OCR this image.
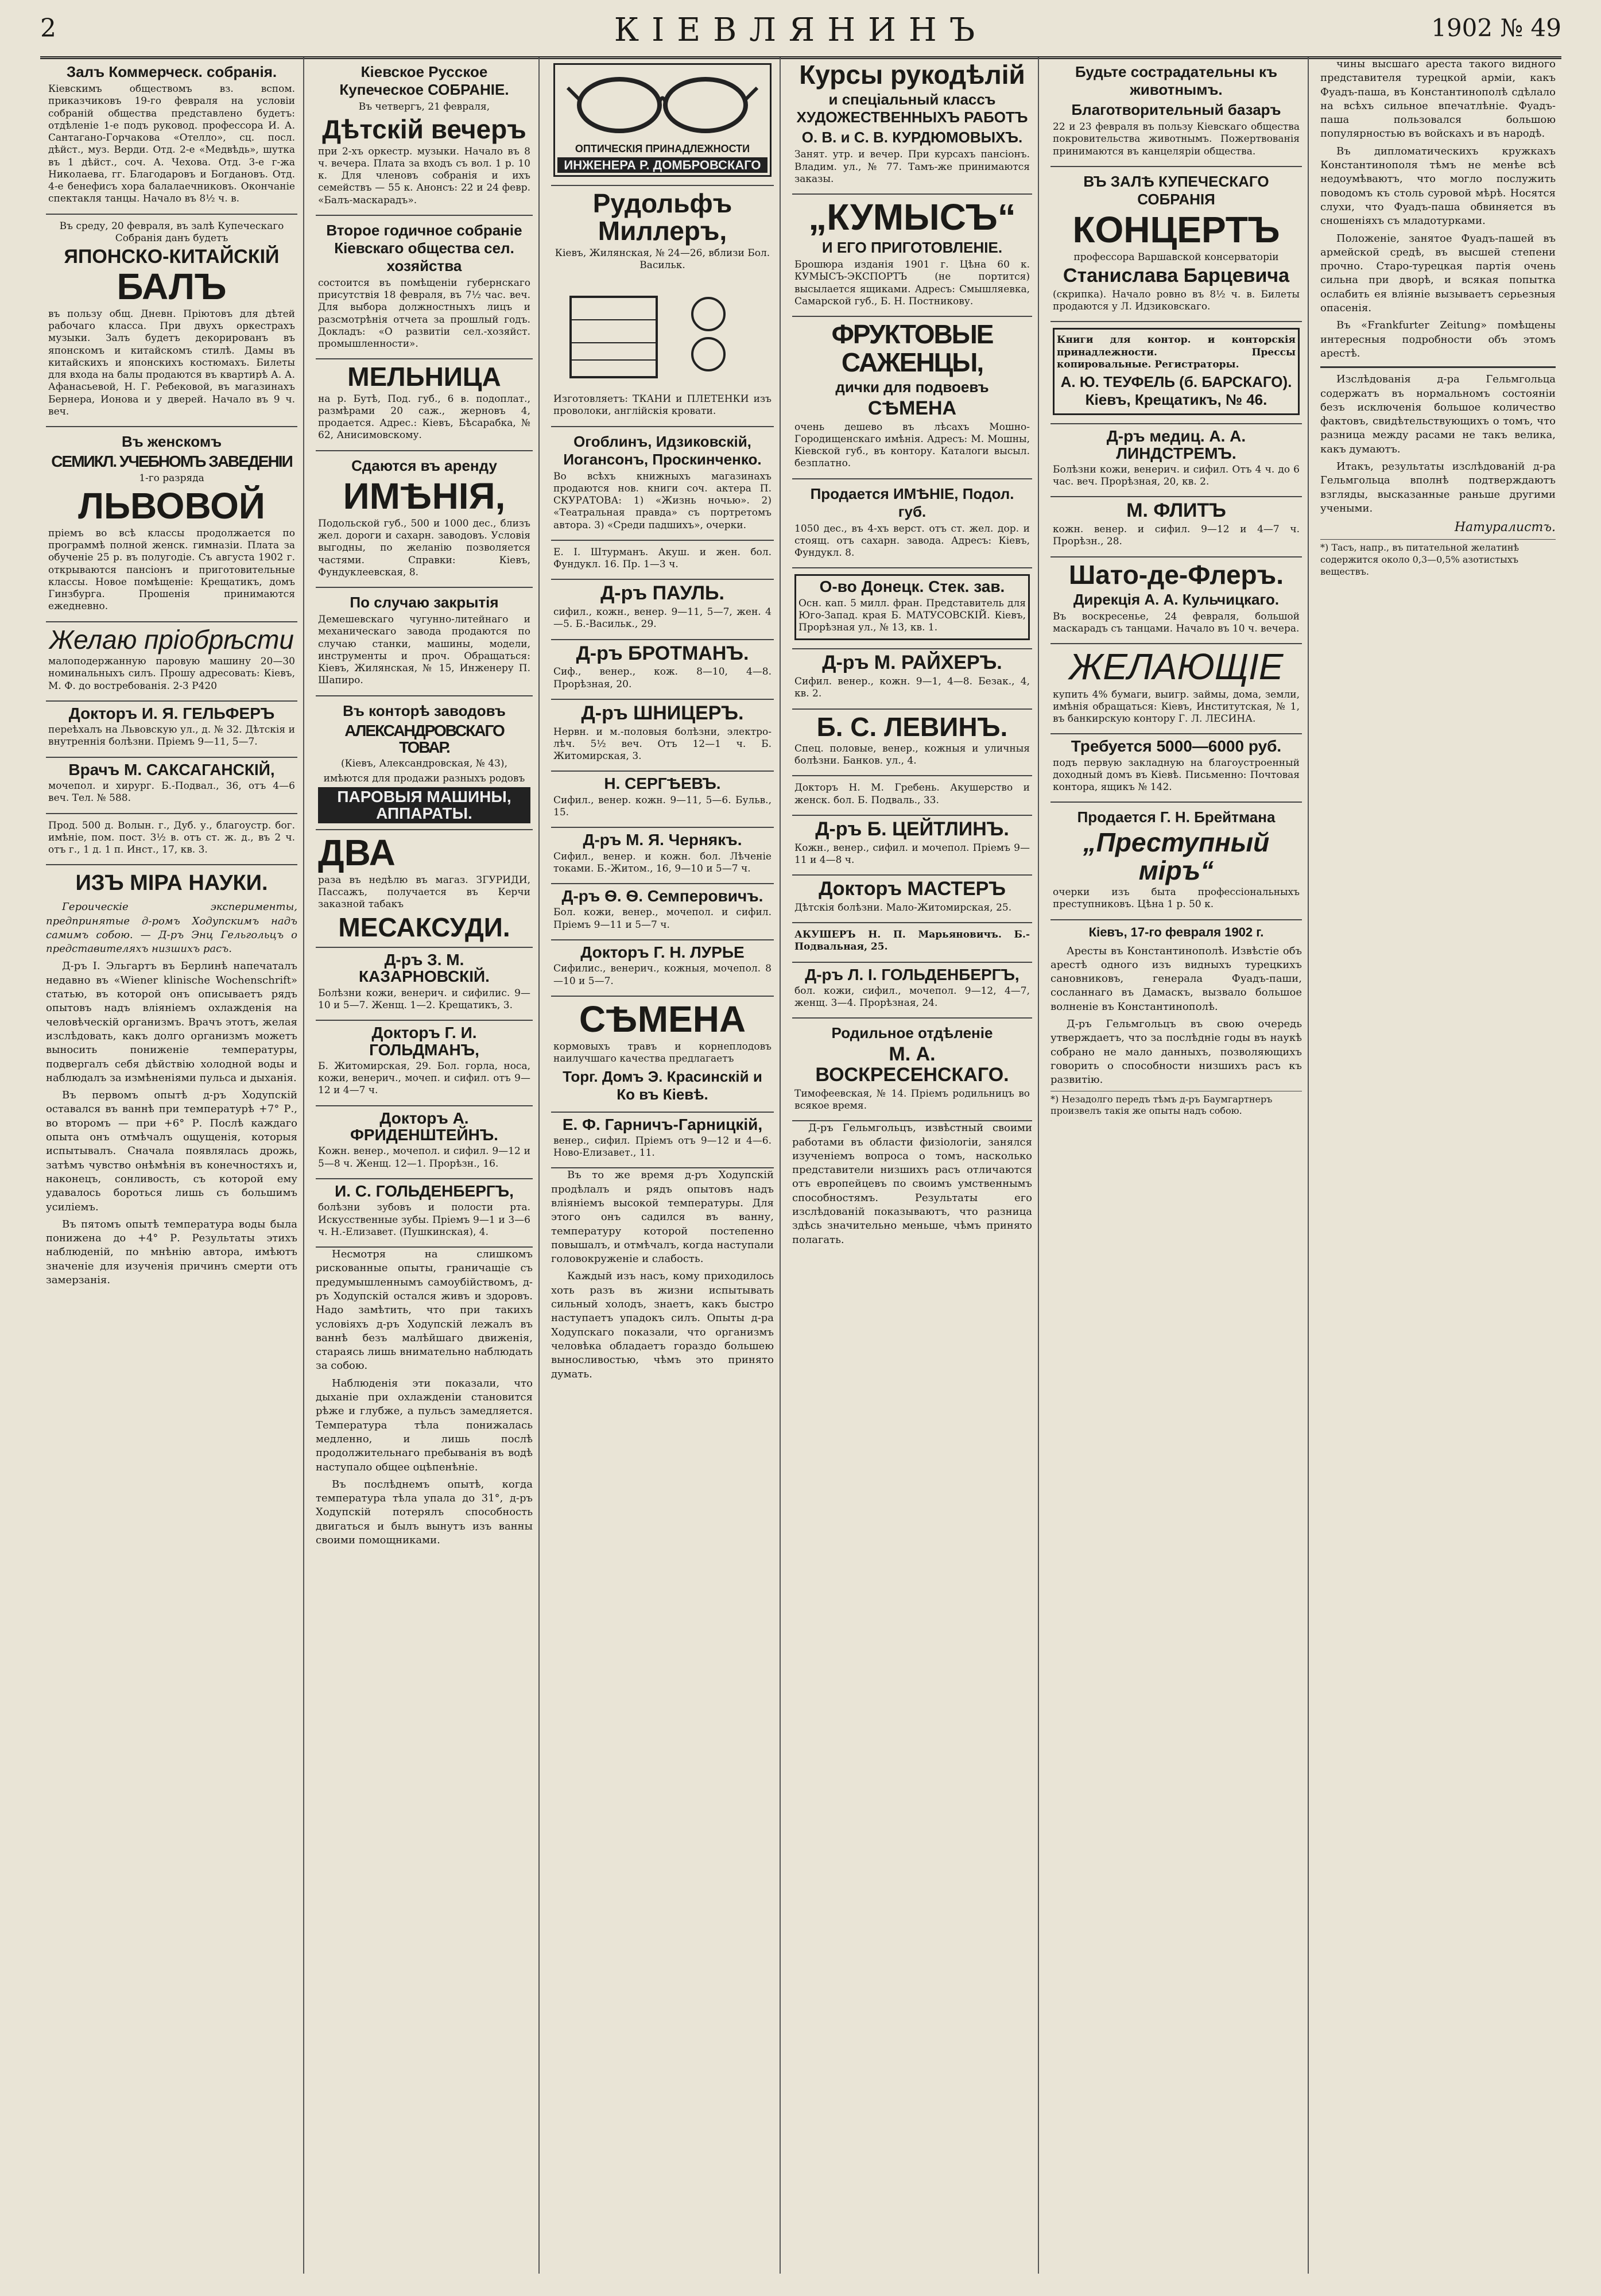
2	КІЕВЛЯНИНЪ	1902 № 49
Залъ Коммерческ. собранія.

Кіевскимъ обществомъ вз. вспом. приказчиковъ 19-го февраля на условіи собраній общества представлено будетъ: отдѣленіе 1-е подъ руковод. профессора И. А. Сантагано-Горчакова «Отелло», сц. посл. дѣйст., муз. Верди. Отд. 2-е «Медвѣдь», шутка въ 1 дѣйст., соч. А. Чехова. Отд. 3-е г-жа Николаева, гг. Благодаровъ и Богдановъ. Отд. 4-е бенефисъ хора балалаечниковъ. Окончаніе спектакля танцы. Начало въ 8½ ч. в.

Въ среду, 20 февраля, въ залѣ Купеческаго Собранія данъ будетъ

ЯПОНСКО-КИТАЙСКІЙ
БАЛЪ

въ пользу общ. Дневн. Пріютовъ для дѣтей рабочаго класса. При двухъ оркестрахъ музыки. Залъ будетъ декорированъ въ японскомъ и китайскомъ стилѣ. Дамы въ китайскихъ и японскихъ костюмахъ. Билеты для входа на балы продаются въ квартирѣ А. А. Афанасьевой, Н. Г. Ребековой, въ магазинахъ Бернера, Ионова и у дверей. Начало въ 9 ч. веч.

Въ женскомъ
СЕМИКЛ. УЧЕБНОМЪ ЗАВЕДЕНІИ

1-го разряда

ЛЬВОВОЙ

пріемъ во всѣ классы продолжается по программѣ полной женск. гимназіи. Плата за обученіе 25 р. въ полугодіе. Съ августа 1902 г. открываются пансіонъ и приготовительные классы. Новое помѣщеніе: Крещатикъ, домъ Гинзбурга. Прошенія принимаются ежедневно.

Желаю пріобрѣсти

малоподержанную паровую машину 20—30 номинальныхъ силъ. Прошу адресовать: Кіевъ, М. Ф. до востребованія. 2-3 Р420

Докторъ И. Я. ГЕЛЬФЕРЪ

переѣхалъ на Львовскую ул., д. № 32. Дѣтскія и внутреннія болѣзни. Пріемъ 9—11, 5—7.

Врачъ М. САКСАГАНСКІЙ,

мочепол. и хирург. Б.-Подвал., 36, отъ 4—6 веч. Тел. № 588.

Прод. 500 д. Волын. г., Дуб. у., благоустр. бог. имѣніе, пом. пост. 3½ в. отъ ст. ж. д., въ 2 ч. отъ г., 1 д. 1 п. Инст., 17, кв. 3.

ИЗЪ МІРА НАУКИ.

Героическіе эксперименты, предпринятые д-ромъ Ходупскимъ надъ самимъ собою. — Д-ръ Энц Гельгольцъ о представителяхъ низшихъ расъ.

Д-ръ I. Эльгартъ въ Берлинѣ напечаталъ недавно въ «Wiener klinische Wochenschrift» статью, въ которой онъ описываетъ рядъ опытовъ надъ вліяніемъ охлажденія на человѣческій организмъ. Врачъ этотъ, желая изслѣдовать, какъ долго организмъ можетъ выносить пониженіе температуры, подвергалъ себя дѣйствію холодной воды и наблюдалъ за измѣненіями пульса и дыханія.

Въ первомъ опытѣ д-ръ Ходупскій оставался въ ваннѣ при температурѣ +7° Р., во второмъ — при +6° Р. Послѣ каждаго опыта онъ отмѣчалъ ощущенія, которыя испытывалъ. Сначала появлялась дрожь, затѣмъ чувство онѣмѣнія въ конечностяхъ и, наконецъ, сонливость, съ которой ему удавалось бороться лишь съ большимъ усиліемъ.

Въ пятомъ опытѣ температура воды была понижена до +4° Р. Результаты этихъ наблюденій, по мнѣнію автора, имѣютъ значеніе для изученія причинъ смерти отъ замерзанія.

Кіевское Русское Купеческое СОБРАНІЕ.

Въ четвергъ, 21 февраля,

Дѣтскій вечеръ

при 2-хъ оркестр. музыки. Начало въ 8 ч. вечера. Плата за входъ съ вол. 1 р. 10 к. Для членовъ собранія и ихъ семействъ — 55 к. Анонсъ: 22 и 24 февр. «Балъ-маскарадъ».

Второе годичное собраніе Кіевскаго общества сел. хозяйства

состоится въ помѣщеніи губернскаго присутствія 18 февраля, въ 7½ час. веч. Для выбора должностныхъ лицъ и разсмотрѣнія отчета за прошлый годъ. Докладъ: «О развитіи сел.-хозяйст. промышленности».

МЕЛЬНИЦА

на р. Бутѣ, Под. губ., 6 в. подоплат., размѣрами 20 саж., жерновъ 4, продается. Адрес.: Кіевъ, Бѣсарабка, № 62, Анисимовскому.

Сдаются въ аренду
ИМѢНІЯ,

Подольской губ., 500 и 1000 дес., близъ жел. дороги и сахарн. заводовъ. Условія выгодны, по желанію позволяется частями. Справки: Кіевъ, Фундуклеевская, 8.

По случаю закрытія

Демешевскаго чугунно-литейнаго и механическаго завода продаются по случаю станки, машины, модели, инструменты и проч. Обращаться: Кіевъ, Жилянская, № 15, Инженеру П. Шапиро.

Въ конторѣ заводовъ
АЛЕКСАНДРОВСКАГО ТОВАР.

(Кіевъ, Александровская, № 43),

имѣются для продажи разныхъ родовъ

ПАРОВЫЯ МАШИНЫ, АППАРАТЫ.
ДВА

раза въ недѣлю въ магаз. ЗГУРИДИ, Пассажъ, получается въ Керчи заказной табакъ

МЕСАКСУДИ.
Д-ръ З. М. КАЗАРНОВСКІЙ.

Болѣзни кожи, венерич. и сифилис. 9—10 и 5—7. Женщ. 1—2. Крещатикъ, 3.

Докторъ Г. И. ГОЛЬДМАНЪ,

Б. Житомирская, 29. Бол. горла, носа, кожи, венерич., мочеп. и сифил. отъ 9—12 и 4—7 ч.

Докторъ А. ФРИДЕНШТЕЙНЪ.

Кожн. венер., мочепол. и сифил. 9—12 и 5—8 ч. Женщ. 12—1. Прорѣзн., 16.

И. С. ГОЛЬДЕНБЕРГЪ,

болѣзни зубовъ и полости рта. Искусственные зубы. Пріемъ 9—1 и 3—6 ч. Н.-Елизавет. (Пушкинская), 4.

Несмотря на слишкомъ рискованные опыты, граничащіе съ предумышленнымъ самоубійствомъ, д-ръ Ходупскій остался живъ и здоровъ. Надо замѣтить, что при такихъ условіяхъ д-ръ Ходупскій лежалъ въ ваннѣ безъ малѣйшаго движенія, стараясь лишь внимательно наблюдать за собою.

Наблюденія эти показали, что дыханіе при охлажденіи становится рѣже и глубже, а пульсъ замедляется. Температура тѣла понижалась медленно, и лишь послѣ продолжительнаго пребыванія въ водѣ наступало общее оцѣпенѣніе.

Въ послѣднемъ опытѣ, когда температура тѣла упала до 31°, д-ръ Ходупскій потерялъ способность двигаться и былъ вынутъ изъ ванны своими помощниками.

ОПТИЧЕСКІЯ ПРИНАДЛЕЖНОСТИ
ИНЖЕНЕРА Р. ДОМБРОВСКАГО
Рудольфъ Миллеръ,

Кіевъ, Жилянская, № 24—26, вблизи Бол. Васильк.

Изготовляетъ: ТКАНИ и ПЛЕТЕНКИ изъ проволоки, англійскія кровати.

Огоблинъ, Идзиковскій, Иогансонъ, Проскинченко.

Во всѣхъ книжныхъ магазинахъ продаются нов. книги соч. актера П. СКУРАТОВА: 1) «Жизнь ночью». 2) «Театральная правда» съ портретомъ автора. 3) «Среди падшихъ», очерки.

Е. І. Штурманъ. Акуш. и жен. бол. Фундукл. 16. Пр. 1—3 ч.

Д-ръ ПАУЛЬ.

сифил., кожн., венер. 9—11, 5—7, жен. 4—5. Б.-Васильк., 29.

Д-ръ БРОТМАНЪ.

Сиф., венер., кож. 8—10, 4—8. Прорѣзная, 20.

Д-ръ ШНИЦЕРЪ.

Нервн. и м.-половыя болѣзни, электро-лѣч. 5½ веч. Отъ 12—1 ч. Б. Житомирская, 3.

Н. СЕРГѢЕВЪ.

Сифил., венер. кожн. 9—11, 5—6. Бульв., 15.

Д-ръ М. Я. Чернякъ.

Сифил., венер. и кожн. бол. Лѣченіе токами. Б.-Житом., 16, 9—10 и 5—7 ч.

Д-ръ Ѳ. Ѳ. Семперовичъ.

Бол. кожи, венер., мочепол. и сифил. Пріемъ 9—11 и 5—7 ч.

Докторъ Г. Н. ЛУРЬЕ

Сифилис., венерич., кожныя, мочепол. 8—10 и 5—7.

СѢМЕНА

кормовыхъ травъ и корнеплодовъ наилучшаго качества предлагаетъ

Торг. Домъ Э. Красинскій и Ко въ Кіевѣ.
Е. Ф. Гарничъ-Гарницкій,

венер., сифил. Пріемъ отъ 9—12 и 4—6. Ново-Елизавет., 11.

Въ то же время д-ръ Ходупскій продѣлалъ и рядъ опытовъ надъ вліяніемъ высокой температуры. Для этого онъ садился въ ванну, температуру которой постепенно повышалъ, и отмѣчалъ, когда наступали головокруженіе и слабость.

Каждый изъ насъ, кому приходилось хоть разъ въ жизни испытывать сильный холодъ, знаетъ, какъ быстро наступаетъ упадокъ силъ. Опыты д-ра Ходупскаго показали, что организмъ человѣка обладаетъ гораздо большею выносливостью, чѣмъ это принято думать.

Курсы рукодѣлій
и спеціальный классъ ХУДОЖЕСТВЕННЫХЪ РАБОТЪ
О. В. и С. В. КУРДЮМОВЫХЪ.

Занят. утр. и вечер. При курсахъ пансіонъ. Владим. ул., № 77. Тамъ-же принимаются заказы.

„КУМЫСЪ“
И ЕГО ПРИГОТОВЛЕНІЕ.

Брошюра изданія 1901 г. Цѣна 60 к. КУМЫСЪ-ЭКСПОРТЪ (не портится) высылается ящиками. Адресъ: Смышляевка, Самарской губ., Б. Н. Постникову.

ФРУКТОВЫЕ САЖЕНЦЫ,
дички для подвоевъ
СѢМЕНА

очень дешево въ лѣсахъ Мошно-Городищенскаго имѣнія. Адресъ: М. Мошны, Кіевской губ., въ контору. Каталоги высыл. безплатно.

Продается ИМѢНІЕ, Подол. губ.

1050 дес., въ 4-хъ верст. отъ ст. жел. дор. и стоящ. отъ сахарн. завода. Адресъ: Кіевъ, Фундукл. 8.

О-во Донецк. Стек. зав.

Осн. кап. 5 милл. фран. Представитель для Юго-Запад. края Б. МАТУСОВСКІЙ. Кіевъ, Прорѣзная ул., № 13, кв. 1.

Д-ръ М. РАЙХЕРЪ.

Сифил. венер., кожн. 9—1, 4—8. Безак., 4, кв. 2.

Б. С. ЛЕВИНЪ.

Спец. половые, венер., кожныя и уличныя болѣзни. Банков. ул., 4.

Докторъ Н. М. Гребень. Акушерство и женск. бол. Б. Подваль., 33.

Д-ръ Б. ЦЕЙТЛИНЪ.

Кожн., венер., сифил. и мочепол. Пріемъ 9—11 и 4—8 ч.

Докторъ МАСТЕРЪ

Дѣтскія болѣзни. Мало-Житомирская, 25.

АКУШЕРЪ Н. П. Марьяновичъ. Б.-Подвальная, 25.

Д-ръ Л. І. ГОЛЬДЕНБЕРГЪ,

бол. кожи, сифил., мочепол. 9—12, 4—7, женщ. 3—4. Прорѣзная, 24.

Родильное отдѣленіе
М. А. ВОСКРЕСЕНСКАГО.

Тимофеевская, № 14. Пріемъ родильницъ во всякое время.

Д-ръ Гельмгольцъ, извѣстный своими работами въ области физіологіи, занялся изученіемъ вопроса о томъ, насколько представители низшихъ расъ отличаются отъ европейцевъ по своимъ умственнымъ способностямъ. Результаты его изслѣдованій показываютъ, что разница здѣсь значительно меньше, чѣмъ принято полагать.

Будьте сострадательны къ животнымъ.
Благотворительный базаръ

22 и 23 февраля въ пользу Кіевскаго общества покровительства животнымъ. Пожертвованія принимаются въ канцеляріи общества.

ВЪ ЗАЛѢ КУПЕЧЕСКАГО СОБРАНІЯ
КОНЦЕРТЪ

профессора Варшавской консерваторіи

Станислава Барцевича

(скрипка). Начало ровно въ 8½ ч. в. Билеты продаются у Л. Идзиковскаго.

Книги для контор. и конторскія принадлежности. Прессы копировальные. Регистраторы.

А. Ю. ТЕУФЕЛЬ (б. БАРСКАГО). Кіевъ, Крещатикъ, № 46.
Д-ръ медиц. А. А. ЛИНДСТРЕМЪ.

Болѣзни кожи, венерич. и сифил. Отъ 4 ч. до 6 час. веч. Прорѣзная, 20, кв. 2.

М. ФЛИТЪ

кожн. венер. и сифил. 9—12 и 4—7 ч. Прорѣзн., 28.

Шато-де-Флеръ.
Дирекція А. А. Кульчицкаго.

Въ воскресенье, 24 февраля, большой маскарадъ съ танцами. Начало въ 10 ч. вечера.

ЖЕЛАЮЩІЕ

купить 4% бумаги, выигр. займы, дома, земли, имѣнія обращаться: Кіевъ, Институтская, № 1, въ банкирскую контору Г. Л. ЛЕСИНА.

Требуется 5000—6000 руб.

подъ первую закладную на благоустроенный доходный домъ въ Кіевѣ. Письменно: Почтовая контора, ящикъ № 142.

Продается Г. Н. Брейтмана
„Преступный міръ“

очерки изъ быта профессіональныхъ преступниковъ. Цѣна 1 р. 50 к.

Кіевъ, 17-го февраля 1902 г.

Аресты въ Константинополѣ. Извѣстіе объ арестѣ одного изъ видныхъ турецкихъ сановниковъ, генерала Фуадъ-паши, сосланнаго въ Дамаскъ, вызвало большое волненіе въ Константинополѣ.

Д-ръ Гельмгольцъ въ свою очередь утверждаетъ, что за послѣдніе годы въ наукѣ собрано не мало данныхъ, позволяющихъ говорить о способности низшихъ расъ къ развитію.

*) Незадолго передъ тѣмъ д-ръ Баумгартнеръ произвелъ такія же опыты надъ собою.

чины высшаго ареста такого видного представителя турецкой арміи, какъ Фуадъ-паша, въ Константинополѣ сдѣлало на всѣхъ сильное впечатлѣніе. Фуадъ-паша пользовался большою популярностью въ войскахъ и въ народѣ.

Въ дипломатическихъ кружкахъ Константинополя тѣмъ не менѣе всѣ недоумѣваютъ, что могло послужить поводомъ къ столь суровой мѣрѣ. Носятся слухи, что Фуадъ-паша обвиняется въ сношеніяхъ съ младотурками.

Положеніе, занятое Фуадъ-пашей въ армейской средѣ, въ высшей степени прочно. Старо-турецкая партія очень сильна при дворѣ, и всякая попытка ослабить ея вліяніе вызываетъ серьезныя опасенія.

Въ «Frankfurter Zeitung» помѣщены интересныя подробности объ этомъ арестѣ.

Изслѣдованія д-ра Гельмгольца содержатъ въ нормальномъ состояніи безъ исключенія большое количество фактовъ, свидѣтельствующихъ о томъ, что разница между расами не такъ велика, какъ думаютъ.

Итакъ, результаты изслѣдованій д-ра Гельмгольца вполнѣ подтверждаютъ взгляды, высказанные раньше другими учеными.

Натуралистъ.
*) Тасъ, напр., въ питательной желатинѣ содержится около 0,3—0,5% азотистыхъ веществъ.
